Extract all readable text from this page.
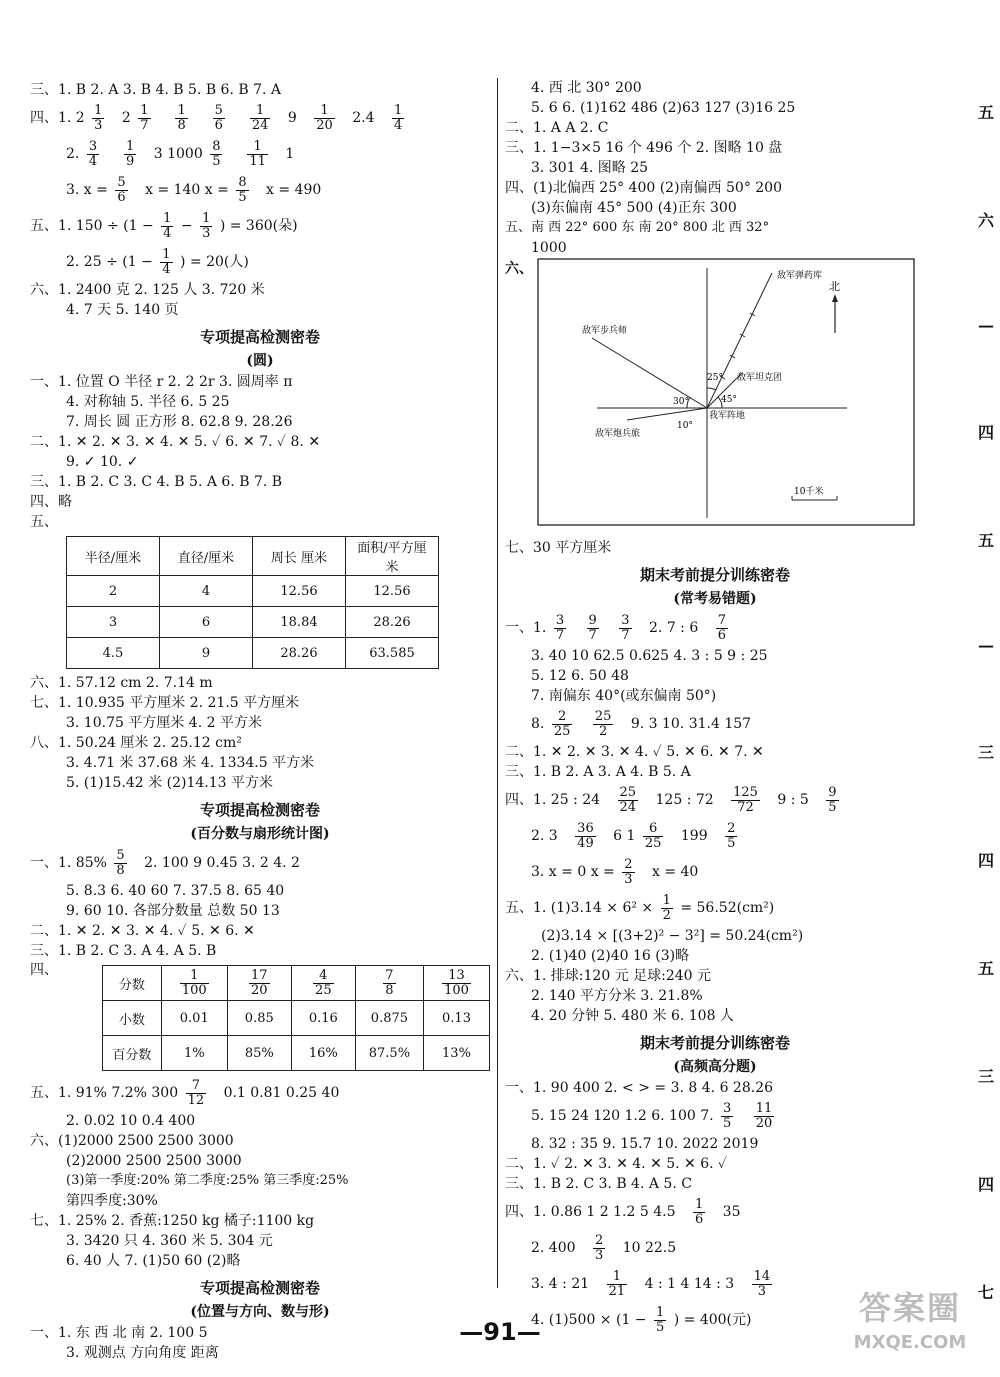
三、1. B 2. A 3. B 4. B 5. B 6. B 7. A

四、1. $2 \frac{1}{3} 2 \frac{1}{7}$
$\frac{1}{8}$
$\frac{5}{6}$
$\frac{1}{24} 9 \frac{1}{20} 2.4 \frac{1}{4}$

2. $\frac{3}{4}$
$\frac{1}{9} 3$ $1000 \frac{8}{5}$
$\frac{1}{11} 1$

3. $x = \frac{5}{6}$ x = 140 $x = \frac{8}{5}$ x = 490

五、1. $150 \div (1 - \frac{1}{4} - \frac{1}{3}$ ) = 360(朵)

2. $25 \div (1 - \frac{1}{4}$ ) = 20(人)

六、1. 2400 克 2. 125 人 3. 720 米

4. 7 天 5. 140 页

专项提高检测密卷
(圆)

一、1. 位置 O 半径 r 2. 2 2r 3. 圆周率 π

4. 对称轴 5. 半径 6. 5 25

7. 周长 圆 正方形 8. 62.8 9. 28.26

二、1. ✕ 2. ✕ 3. ✕ 4. ✕ 5. ✓ 6. ✕ 7. ✓ 8. ✕

9. ✓ 10. ✓

三、1. B 2. C 3. C 4. B 5. A 6. B 7. B

四、略

五、

半径/厘米	直径/厘米	周长 厘米	面积/平方厘米
2	4	12.56	12.56
3	6	18.84	28.26
4.5	9	28.26	63.585

六、1. 57.12 cm 2. 7.14 m

七、1. 10.935 平方厘米 2. 21.5 平方厘米

3. 10.75 平方厘米 4. 2 平方米

八、1. 50.24 厘米 2. 25.12 cm²

3. 4.71 米 37.68 米 4. 1334.5 平方米

5. (1)15.42 米 (2)14.13 平方米

专项提高检测密卷
(百分数与扇形统计图)

一、1. $85\% \frac{5}{8} 2$. 100 9 0.45 3. 2 4. 2

5. 8.3 6. 40 60 7. 37.5 8. 65 40

9. 60 10. 各部分数量 总数 50 13

二、1. ✕ 2. ✕ 3. ✕ 4. ✓ 5. ✕ 6. ✕

三、1. B 2. C 3. A 4. A 5. B

四、

分数	$\frac{1}{100}$	$\frac{17}{20}$	$\frac{4}{25}$	$\frac{7}{8}$	$\frac{13}{100}$

小数	0.01	0.85	0.16	0.875	0.13
百分数	1%	85%	16%	87.5%	13%

五、1. 91% 7.2% $300 \frac{7}{12} 0.1$ 0.81 0.25 40

2. 0.02 10 0.4 400

六、(1)2000 2500 2500 3000

(2)2000 2500 2500 3000

(3)第一季度:20% 第二季度:25% 第三季度:25%

第四季度:30%

七、1. 25% 2. 香蕉:1250 kg 橘子:1100 kg

3. 3420 只 4. 360 米 5. 304 元

6. 40 人 7. (1)50 60 (2)略

专项提高检测密卷
(位置与方向、数与形)

一、1. 东 西 北 南 2. 100 5

3. 观测点 方向角度 距离

4. 西 北 30° 200

5. 6 6. (1)162 486 (2)63 127 (3)16 25

二、1. A A 2. C

三、1. 1−3×5 16 个 496 个 2. 图略 10 盘

3. 301 4. 图略 25

四、(1)北偏西 25° 400 (2)南偏西 50° 200

(3)东偏南 45° 500 (4)正东 300

五、南 西 22° 600 东 南 20° 800 北 西 32°

1000

六、
北
敌军弹药库
敌军步兵师
敌军坦克团
我军阵地
敌军炮兵旅
25°
45°
30°
10°
10千米

七、30 平方厘米

期末考前提分训练密卷
(常考易错题)

一、1. $\frac{3}{7}$
$\frac{9}{7}$
$\frac{3}{7} 2$. 7 : $6 \frac{7}{6}$

3. 40 10 62.5 0.625 4. 3 : 5 9 : 25

5. 12 6. 50 48

7. 南偏东 40°(或东偏南 50°)

8. $\frac{2}{25}$
$\frac{25}{2} 9$. 3 10. 31.4 157

二、1. ✕ 2. ✕ 3. ✕ 4. ✓ 5. ✕ 6. ✕ 7. ✕

三、1. B 2. A 3. A 4. B 5. A

四、1. 25 : $24 \frac{25}{24} 125$ : $72 \frac{125}{72} 9$ : $5 \frac{9}{5}$

2. $3 \frac{36}{49} 6$ $1 \frac{6}{25} 199 \frac{2}{5}$

3. x = 0 $x = \frac{2}{3}$ x = 40

五、1. $(1)3.14 \times 6^2 \times \frac{1}{2} = 56.52(cm^2)$

(2)3.14 × [(3+2)² − 3²] = 50.24(cm²)

2. (1)40 (2)40 16 (3)略

六、1. 排球:120 元 足球:240 元

2. 140 平方分米 3. 21.8%

4. 20 分钟 5. 480 米 6. 108 人

期末考前提分训练密卷
(高频高分题)

一、1. 90 400 2. < > = 3. 8 4. 6 28.26

5. 15 24 120 1.2 6. 100 7. $\frac{3}{5}$
$\frac{11}{20}$

8. 32 : 35 9. 15.7 10. 2022 2019

二、1. ✓ 2. ✕ 3. ✕ 4. ✕ 5. ✕ 6. ✓

三、1. B 2. C 3. B 4. A 5. C

四、1. 0.86 1 2 1.2 5 $4.5 \frac{1}{6} 35$

2. $400 \frac{2}{3} 10$ 22.5

3. 4 : $21 \frac{1}{21} 4$ : 1 4 14 : $3 \frac{14}{3}$

4. $(1)500 \times (1 - \frac{1}{5}$ ) = 400(元)

五
六
—
四
五
—
三
四
五
三
四
七
—91—
答案圈
MXQE.COM
